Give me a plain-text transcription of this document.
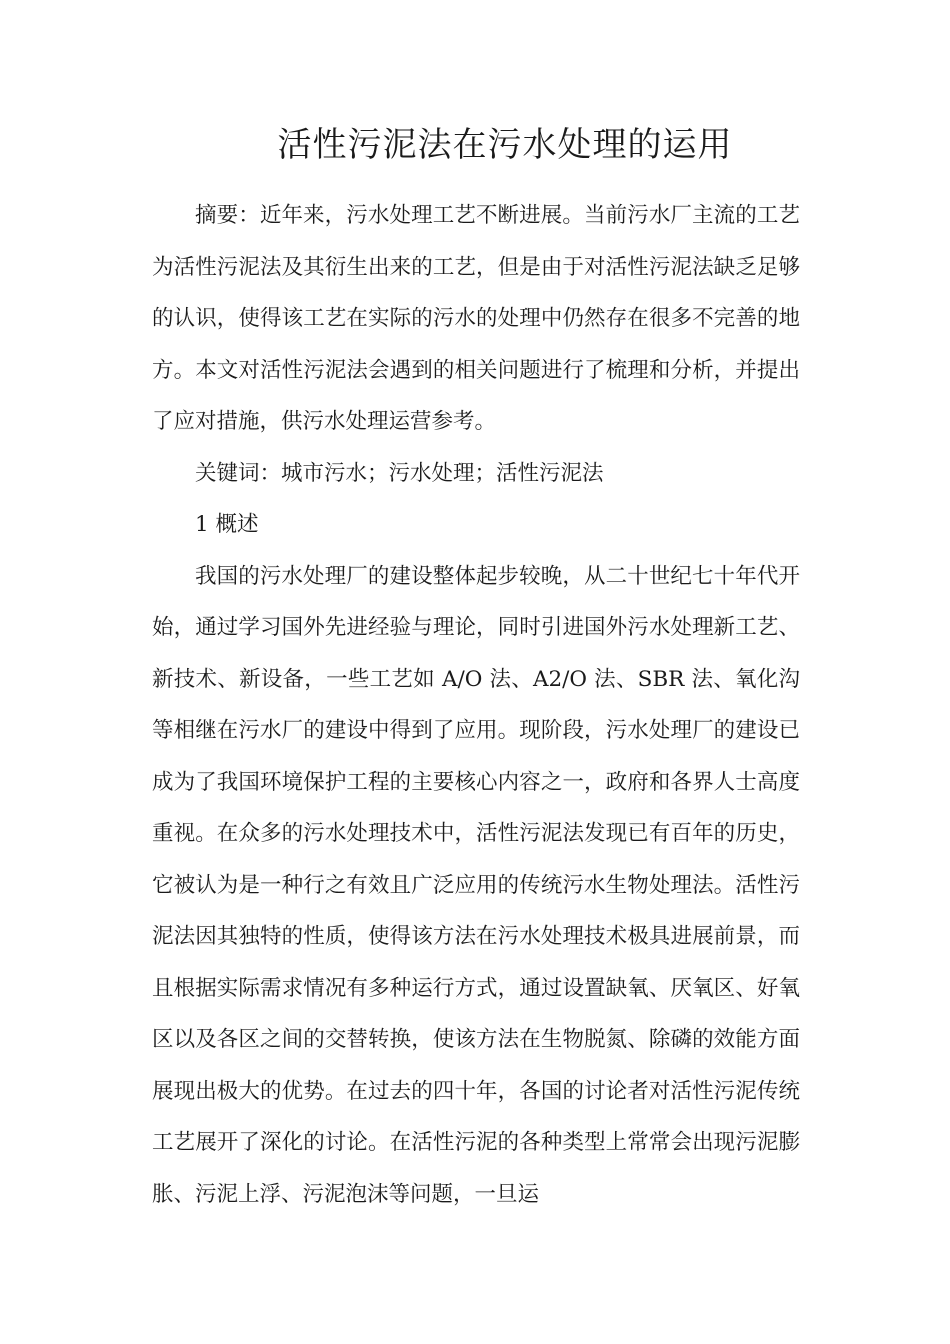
活性污泥法在污水处理的运用

摘要：近年来，污水处理工艺不断进展。当前污水厂主流的工艺为活性污泥法及其衍生出来的工艺，但是由于对活性污泥法缺乏足够的认识，使得该工艺在实际的污水的处理中仍然存在很多不完善的地方。本文对活性污泥法会遇到的相关问题进行了梳理和分析，并提出了应对措施，供污水处理运营参考。

关键词：城市污水；污水处理；活性污泥法

1 概述

我国的污水处理厂的建设整体起步较晚，从二十世纪七十年代开始，通过学习国外先进经验与理论，同时引进国外污水处理新工艺、新技术、新设备，一些工艺如 A/O 法、A2/O 法、SBR 法、氧化沟等相继在污水厂的建设中得到了应用。现阶段，污水处理厂的建设已成为了我国环境保护工程的主要核心内容之一，政府和各界人士高度重视。在众多的污水处理技术中，活性污泥法发现已有百年的历史，它被认为是一种行之有效且广泛应用的传统污水生物处理法。活性污泥法因其独特的性质，使得该方法在污水处理技术极具进展前景，而且根据实际需求情况有多种运行方式，通过设置缺氧、厌氧区、好氧区以及各区之间的交替转换，使该方法在生物脱氮、除磷的效能方面展现出极大的优势。在过去的四十年，各国的讨论者对活性污泥传统工艺展开了深化的讨论。在活性污泥的各种类型上常常会出现污泥膨胀、污泥上浮、污泥泡沫等问题，一旦运
